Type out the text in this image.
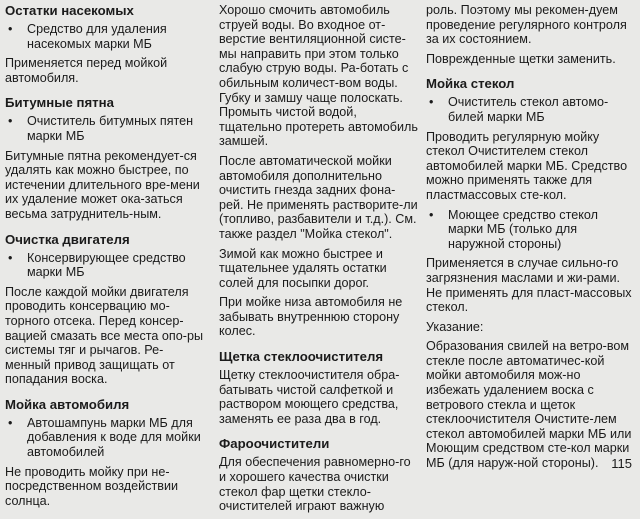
Остатки насекомых
•	Средство для удаления насекомых марки МБ

Применяется перед мойкой автомобиля.

Битумные пятна
•	Очиститель битумных пятен марки МБ

Битумные пятна рекомендует-ся удалять как можно быстрее, по истечении длительного вре-мени их удаление может ока-заться весьма затруднитель-ным.

Очистка двигателя
•	Консервирующее средство марки МБ

После каждой мойки двигателя проводить консервацию мо-торного отсека. Перед консер-вацией смазать все места опо-ры системы тяг и рычагов. Ре-менный привод защищать от попадания воска.

Мойка автомобиля
•	Автошампунь марки МБ для добавления к воде для мойки автомобилей

Не проводить мойку при не-посредственном воздействии солнца.

Хорошо смочить автомобиль струей воды. Во входное от-верстие вентиляционной систе-мы направить при этом только слабую струю воды. Ра-ботать с обильным количест-вом воды. Губку и замшу чаще полоскать. Промыть чистой водой, тщательно протереть автомобиль замшей.

После автоматической мойки автомобиля дополнительно очистить гнезда задних фона-рей. Не применять растворите-ли (топливо, разбавители и т.д.). См. также раздел "Мойка стекол".

Зимой как можно быстрее и тщательнее удалять остатки солей для посыпки дорог.

При мойке низа автомобиля не забывать внутреннюю сторону колес.

Щетка стеклоочистителя

Щетку стеклоочистителя обра-батывать чистой салфеткой и раствором моющего средства, заменять ее раза два в год.

Фароочистители

Для обеспечения равномерно-го и хорошего качества очистки стекол фар щетки стекло-очистителей играют важную

роль. Поэтому мы рекомен-дуем проведение регулярного контроля за их состоянием.

Поврежденные щетки заменить.

Мойка стекол
•	Очиститель стекол автомо-билей марки МБ

Проводить регулярную мойку стекол Очистителем стекол автомобилей марки МБ. Средство можно применять также для пластмассовых сте-кол.

•	Моющее средство стекол марки МБ (только для наружной стороны)

Применяется в случае сильно-го загрязнения маслами и жи-рами. Не применять для пласт-массовых стекол.

Указание:

Образования свилей на ветро-вом стекле после автоматичес-кой мойки автомобиля мож-но избежать удалением воска с ветрового стекла и щеток стеклоочистителя Очистите-лем стекол автомобилей марки МБ или Моющим средством сте-кол марки МБ (для наруж-ной стороны). 115
